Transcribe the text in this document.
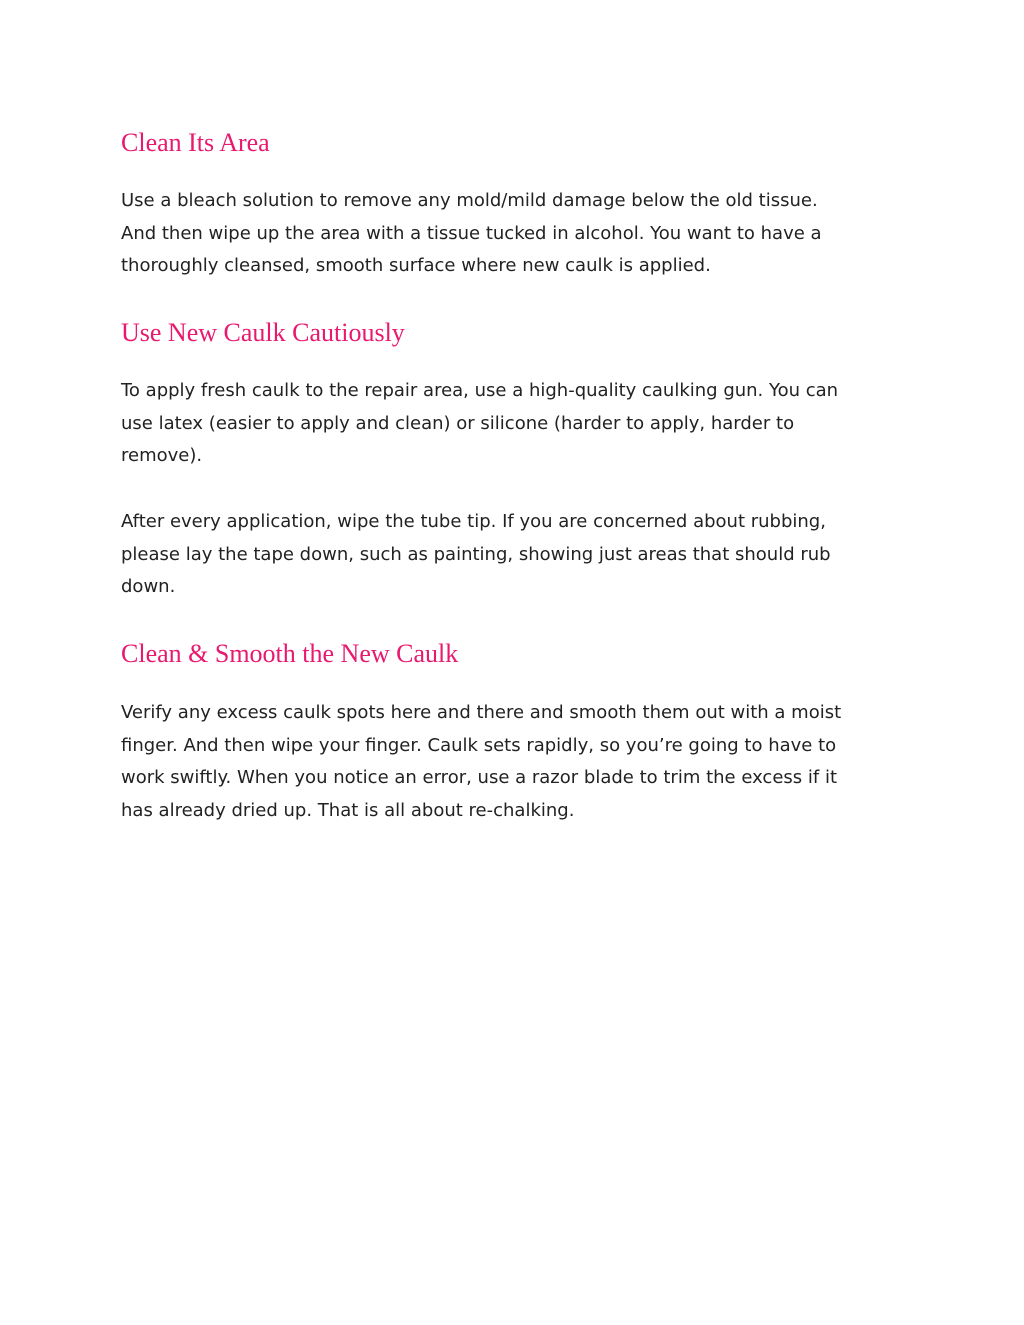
Clean Its Area

Use a bleach solution to remove any mold/mild damage below the old tissue.
And then wipe up the area with a tissue tucked in alcohol. You want to have a
thoroughly cleansed, smooth surface where new caulk is applied.

Use New Caulk Cautiously

To apply fresh caulk to the repair area, use a high-quality caulking gun. You can
use latex (easier to apply and clean) or silicone (harder to apply, harder to
remove).

After every application, wipe the tube tip. If you are concerned about rubbing,
please lay the tape down, such as painting, showing just areas that should rub
down.

Clean & Smooth the New Caulk

Verify any excess caulk spots here and there and smooth them out with a moist
finger. And then wipe your finger. Caulk sets rapidly, so you’re going to have to
work swiftly. When you notice an error, use a razor blade to trim the excess if it
has already dried up. That is all about re-chalking.
